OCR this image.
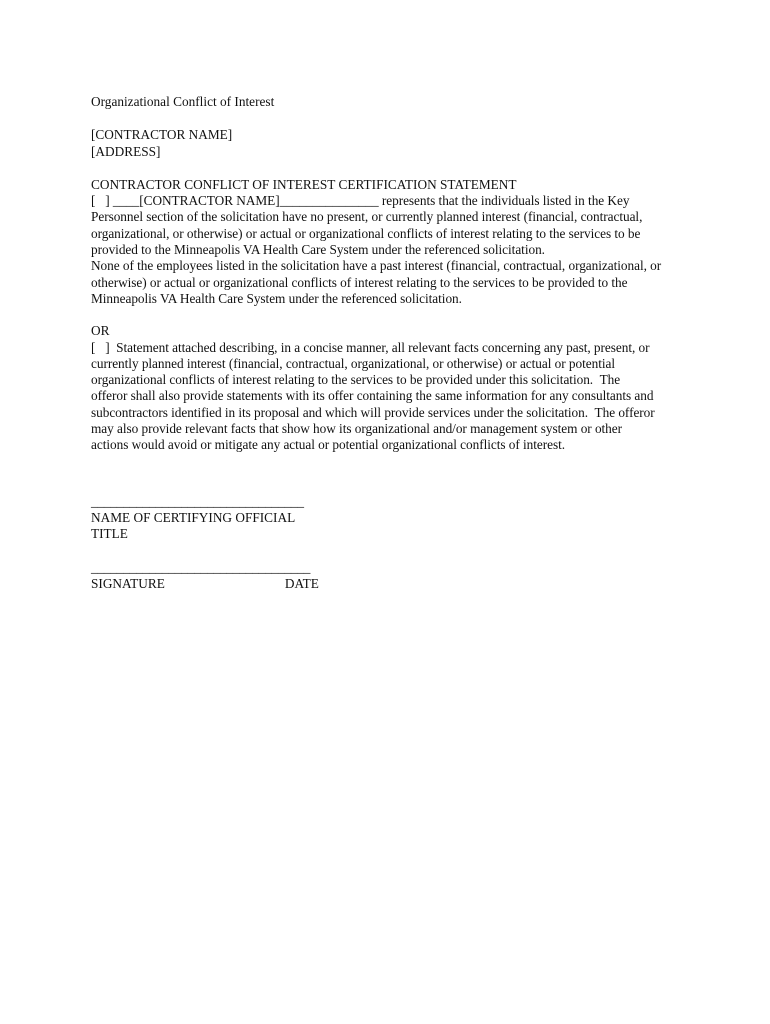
Organizational Conflict of Interest
[CONTRACTOR NAME]
[ADDRESS]
CONTRACTOR CONFLICT OF INTEREST CERTIFICATION STATEMENT

[   ] ____[CONTRACTOR NAME]_______________ represents that the individuals listed in the Key Personnel section of the solicitation have no present, or currently planned interest (financial, contractual, organizational, or otherwise) or actual or organizational conflicts of interest relating to the services to be provided to the Minneapolis VA Health Care System under the referenced solicitation.

None of the employees listed in the solicitation have a past interest (financial, contractual, organizational, or otherwise) or actual or organizational conflicts of interest relating to the services to be provided to the Minneapolis VA Health Care System under the referenced solicitation.

OR

[   ]  Statement attached describing, in a concise manner, all relevant facts concerning any past, present, or currently planned interest (financial, contractual, organizational, or otherwise) or actual or potential organizational conflicts of interest relating to the services to be provided under this solicitation.  The offeror shall also provide statements with its offer containing the same information for any consultants and subcontractors identified in its proposal and which will provide services under the solicitation.  The offeror may also provide relevant facts that show how its organizational and/or management system or other actions would avoid or mitigate any actual or potential organizational conflicts of interest.

_________________________________
NAME OF CERTIFYING OFFICIAL
TITLE
__________________________________
SIGNATURE	DATE
